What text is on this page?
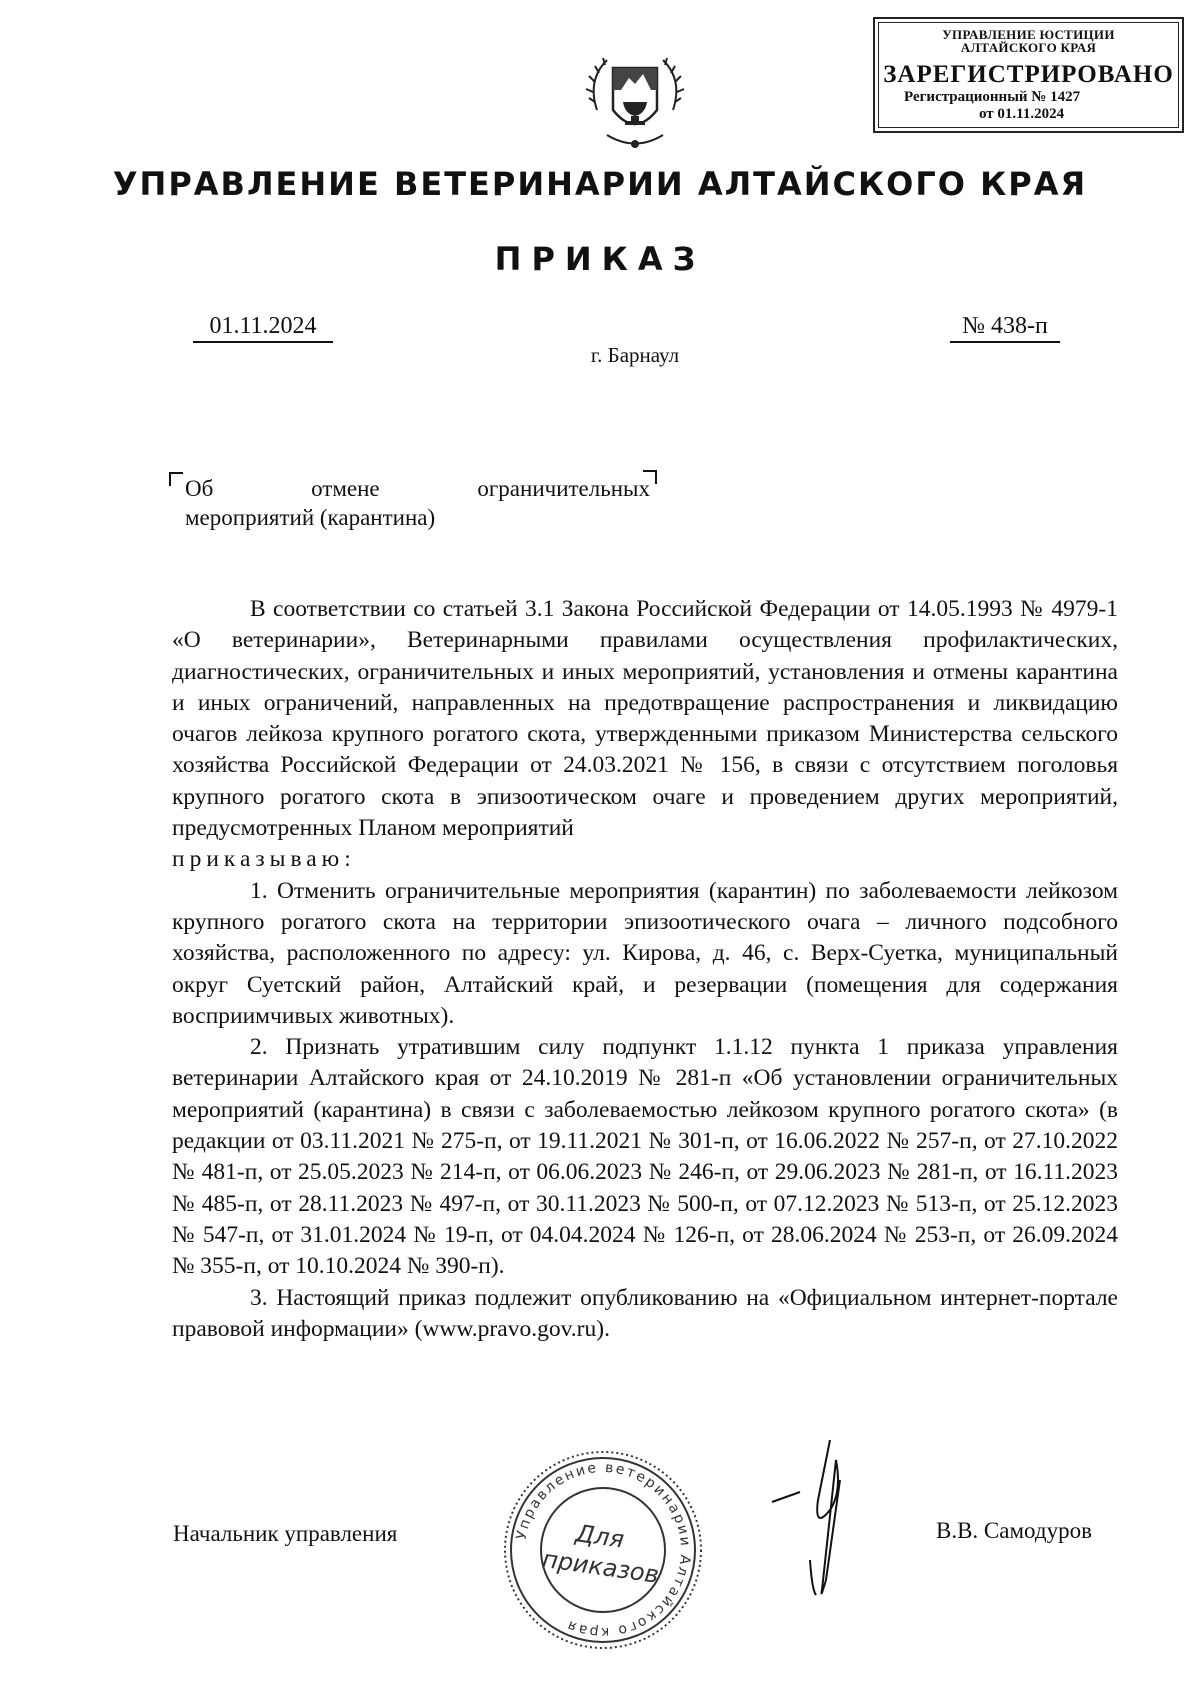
УПРАВЛЕНИЕ ЮСТИЦИИ
АЛТАЙСКОГО КРАЯ
ЗАРЕГИСТРИРОВАНО
Регистрационный № 1427
от 01.11.2024
УПРАВЛЕНИЕ ВЕТЕРИНАРИИ АЛТАЙСКОГО КРАЯ
ПРИКАЗ
01.11.2024	№ 438-п
г. Барнаул
Об	отмене	ограничительных
мероприятий (карантина)

В соответствии со статьей 3.1 Закона Российской Федерации от 14.05.1993 № 4979-1 «О ветеринарии», Ветеринарными правилами осуществления профилактических, диагностических, ограничительных и иных мероприятий, установления и отмены карантина и иных ограничений, направленных на предотвращение распространения и ликвидацию очагов лейкоза крупного рогатого скота, утвержденными приказом Министерства сельского хозяйства Российской Федерации от 24.03.2021 № 156, в связи с отсутствием поголовья крупного рогатого скота в эпизоотическом очаге и проведением других мероприятий, предусмотренных Планом мероприятий

приказываю:

1. Отменить ограничительные мероприятия (карантин) по заболеваемости лейкозом крупного рогатого скота на территории эпизоотического очага – личного подсобного хозяйства, расположенного по адресу: ул. Кирова, д. 46, с. Верх-Суетка, муниципальный округ Суетский район, Алтайский край, и резервации (помещения для содержания восприимчивых животных).

2. Признать утратившим силу подпункт 1.1.12 пункта 1 приказа управления ветеринарии Алтайского края от 24.10.2019 № 281-п «Об установлении ограничительных мероприятий (карантина) в связи с заболеваемостью лейкозом крупного рогатого скота» (в редакции от 03.11.2021 № 275-п, от 19.11.2021 № 301-п, от 16.06.2022 № 257-п, от 27.10.2022 № 481-п, от 25.05.2023 № 214-п, от 06.06.2023 № 246-п, от 29.06.2023 № 281-п, от 16.11.2023 № 485-п, от 28.11.2023 № 497-п, от 30.11.2023 № 500-п, от 07.12.2023 № 513-п, от 25.12.2023 № 547-п, от 31.01.2024 № 19-п, от 04.04.2024 № 126-п, от 28.06.2024 № 253-п, от 26.09.2024 № 355-п, от 10.10.2024 № 390-п).

3. Настоящий приказ подлежит опубликованию на «Официальном интернет-портале правовой информации» (www.pravo.gov.ru).

Начальник управления	В.В. Самодуров
Управление ветеринарии Алтайского края
Для
приказов
